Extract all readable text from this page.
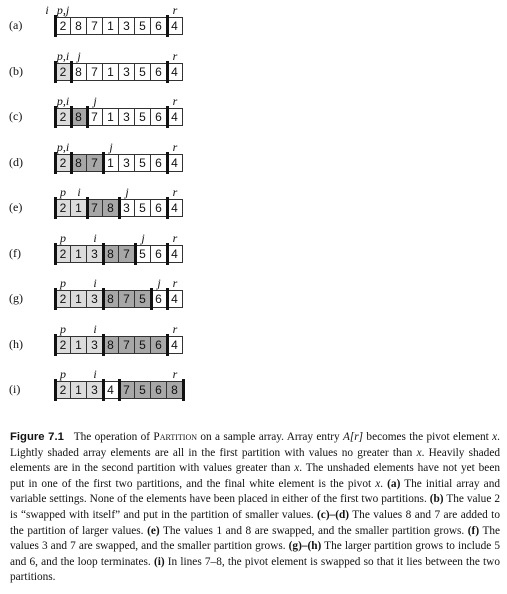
(a)
i p,j	r
2 8 7 1 3 5 6 4
(b)
p,i j	r
2 8 7 1 3 5 6 4
(c)
p,i	j	r
2 8 7 1 3 5 6 4
(d)
p,i	j	r
2 8 7 1 3 5 6 4
(e)
p i	j	r
2 1 7 8 3 5 6 4
(f)
p	i	j	r
2 1 3 8 7 5 6 4
(g)
p	i	j r
2 1 3 8 7 5 6 4
(h)
p	i	r
2 1 3 8 7 5 6 4
(i)
p	i	r
2 1 3 4 7 5 6 8
Figure 7.1 The operation of Partition on a sample array. Array entry A[r] becomes the pivot element x. Lightly shaded array elements are all in the first partition with values no greater than x. Heavily shaded elements are in the second partition with values greater than x. The unshaded elements have not yet been put in one of the first two partitions, and the final white element is the pivot x. (a) The initial array and variable settings. None of the elements have been placed in either of the first two partitions. (b) The value 2 is “swapped with itself” and put in the partition of smaller values. (c)–(d) The values 8 and 7 are added to the partition of larger values. (e) The values 1 and 8 are swapped, and the smaller partition grows. (f) The values 3 and 7 are swapped, and the smaller partition grows. (g)–(h) The larger partition grows to include 5 and 6, and the loop terminates. (i) In lines 7–8, the pivot element is swapped so that it lies between the two partitions.
